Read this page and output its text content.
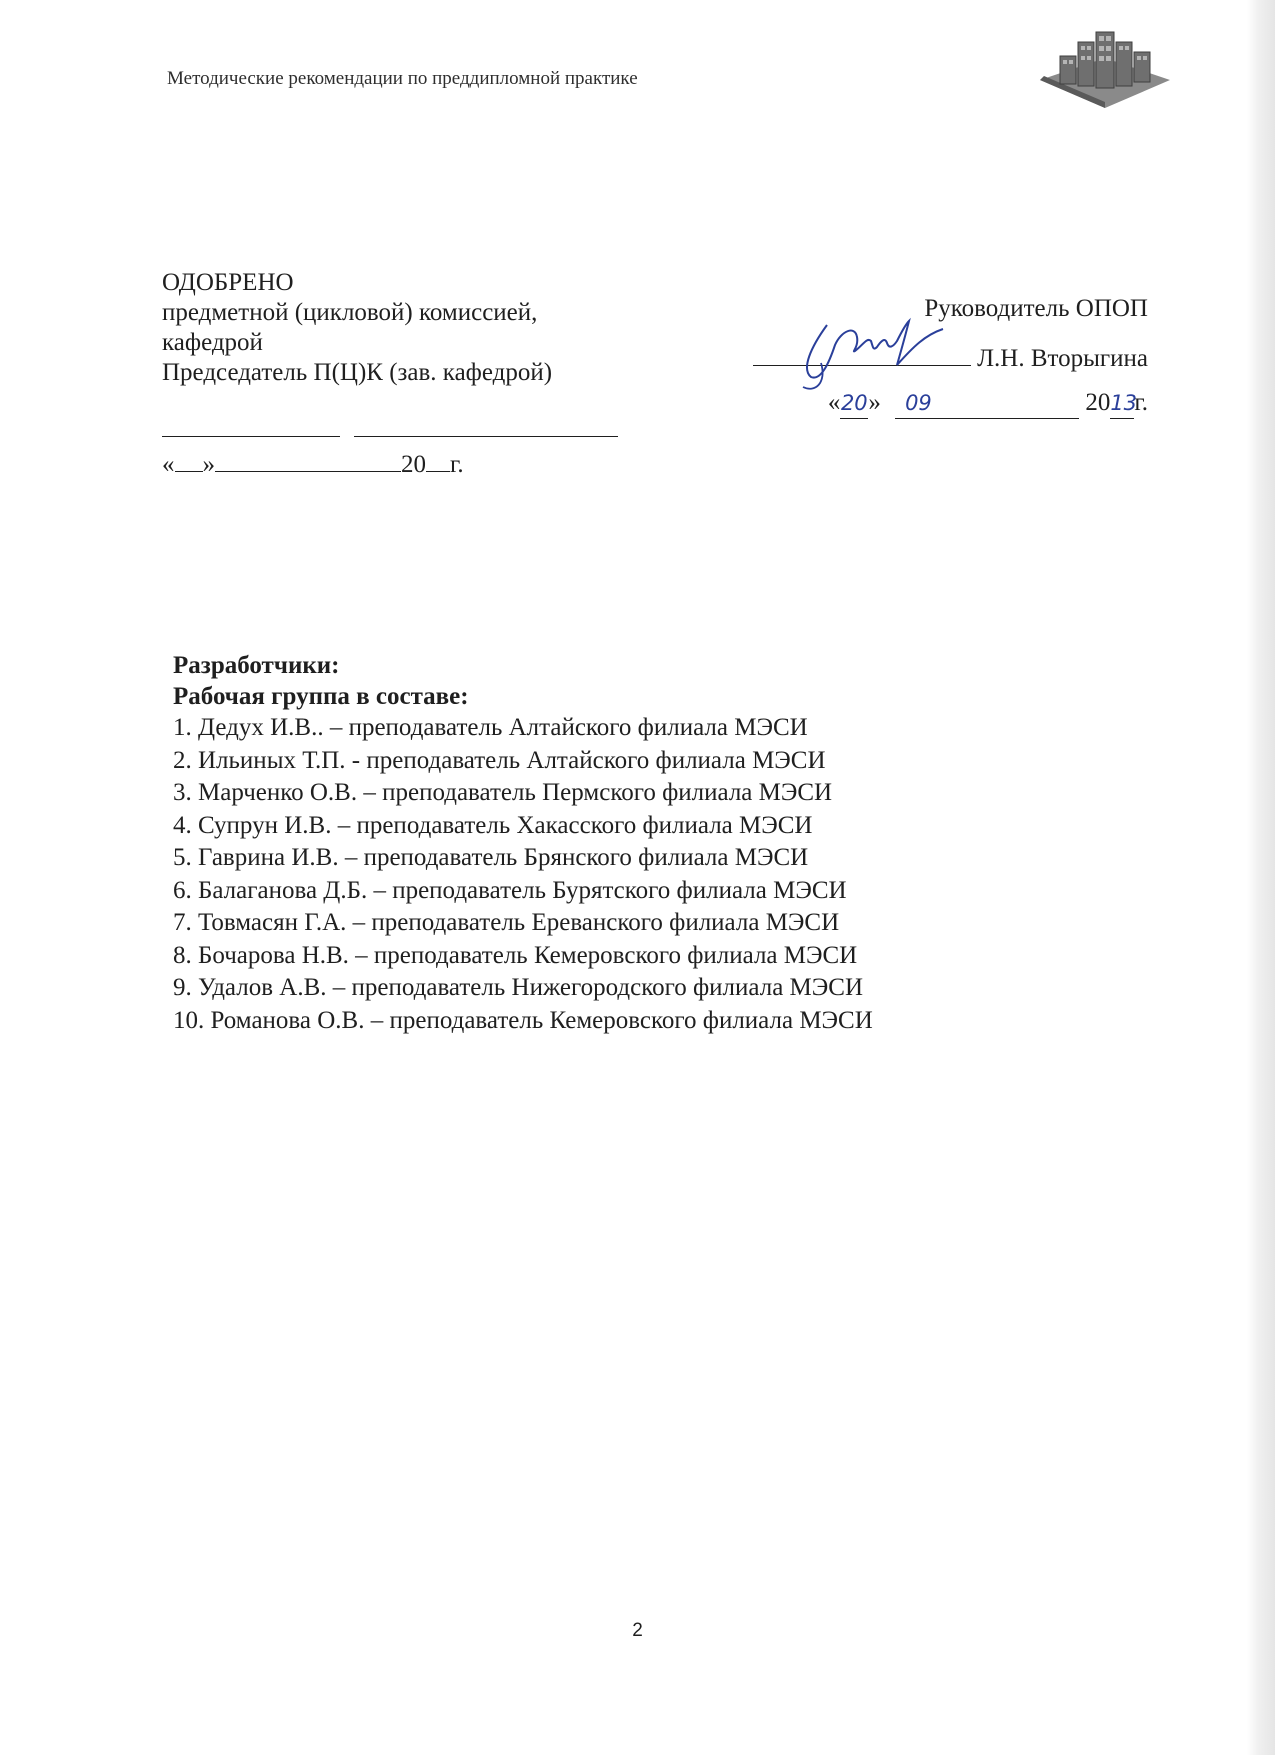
Методические рекомендации по преддипломной практике
ОДОБРЕНО
предметной (цикловой) комиссией,
кафедрой
Председатель П(Ц)К (зав. кафедрой)

« »	20 г.
Руководитель ОПОП
Л.Н. Вторыгина
«20» 09	2013г.
Разработчики:
Рабочая группа в составе:
1. Дедух И.В.. – преподаватель Алтайского филиала МЭСИ
2. Ильиных Т.П. - преподаватель Алтайского филиала МЭСИ
3. Марченко О.В. – преподаватель Пермского филиала МЭСИ
4. Супрун И.В. – преподаватель Хакасского филиала МЭСИ
5. Гаврина И.В. – преподаватель Брянского филиала МЭСИ
6. Балаганова Д.Б. – преподаватель Бурятского филиала МЭСИ
7. Товмасян Г.А. – преподаватель Ереванского филиала МЭСИ
8. Бочарова Н.В. – преподаватель Кемеровского филиала МЭСИ
9. Удалов А.В. – преподаватель Нижегородского филиала МЭСИ
10. Романова О.В. – преподаватель Кемеровского филиала МЭСИ
2
